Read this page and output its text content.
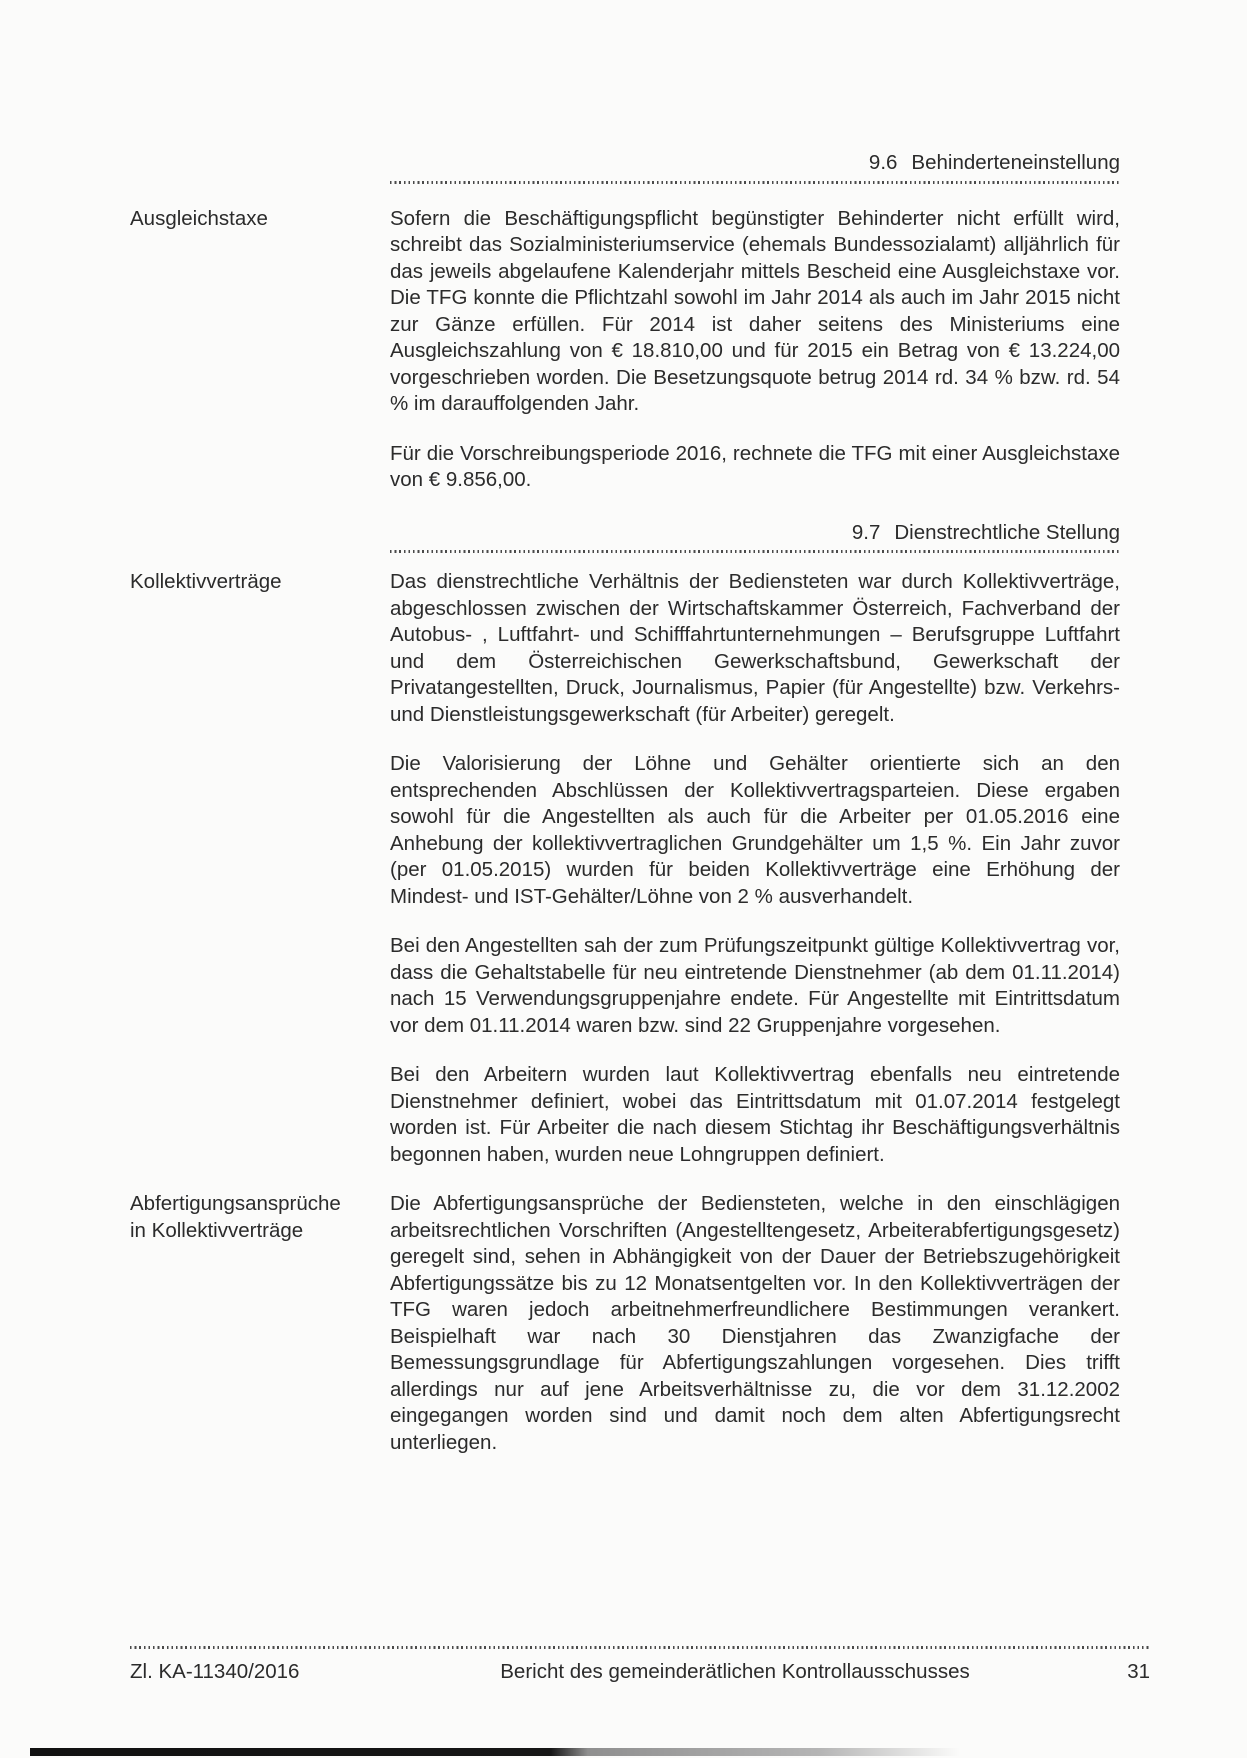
9.6 Behinderteneinstellung
Ausgleichstaxe	Sofern die Beschäftigungspflicht begünstigter Behinderter nicht erfüllt wird, schreibt das Sozialministeriumservice (ehemals Bundessozialamt) alljährlich für das jeweils abgelaufene Kalenderjahr mittels Bescheid eine Ausgleichstaxe vor. Die TFG konnte die Pflichtzahl sowohl im Jahr 2014 als auch im Jahr 2015 nicht zur Gänze erfüllen. Für 2014 ist daher seitens des Ministeriums eine Ausgleichszahlung von € 18.810,00 und für 2015 ein Betrag von € 13.224,00 vorgeschrieben worden. Die Besetzungsquote betrug 2014 rd. 34 % bzw. rd. 54 % im darauffolgenden Jahr.

Für die Vorschreibungsperiode 2016, rechnete die TFG mit einer Ausgleichstaxe von € 9.856,00.

9.7 Dienstrechtliche Stellung
Kollektivverträge	Das dienstrechtliche Verhältnis der Bediensteten war durch Kollektivverträge, abgeschlossen zwischen der Wirtschaftskammer Österreich, Fachverband der Autobus- , Luftfahrt- und Schifffahrtunternehmungen – Berufsgruppe Luftfahrt und dem Österreichischen Gewerkschaftsbund, Gewerkschaft der Privatangestellten, Druck, Journalismus, Papier (für Angestellte) bzw. Verkehrs- und Dienstleistungsgewerkschaft (für Arbeiter) geregelt.

Die Valorisierung der Löhne und Gehälter orientierte sich an den entsprechenden Abschlüssen der Kollektivvertragsparteien. Diese ergaben sowohl für die Angestellten als auch für die Arbeiter per 01.05.2016 eine Anhebung der kollektivvertraglichen Grundgehälter um 1,5 %. Ein Jahr zuvor (per 01.05.2015) wurden für beiden Kollektivverträge eine Erhöhung der Mindest- und IST-Gehälter/Löhne von 2 % ausverhandelt.

Bei den Angestellten sah der zum Prüfungszeitpunkt gültige Kollektivvertrag vor, dass die Gehaltstabelle für neu eintretende Dienstnehmer (ab dem 01.11.2014) nach 15 Verwendungsgruppenjahre endete. Für Angestellte mit Eintrittsdatum vor dem 01.11.2014 waren bzw. sind 22 Gruppenjahre vorgesehen.

Bei den Arbeitern wurden laut Kollektivvertrag ebenfalls neu eintretende Dienstnehmer definiert, wobei das Eintrittsdatum mit 01.07.2014 festgelegt worden ist. Für Arbeiter die nach diesem Stichtag ihr Beschäftigungsverhältnis begonnen haben, wurden neue Lohngruppen definiert.

Abfertigungsansprüche in Kollektivverträge

Die Abfertigungsansprüche der Bediensteten, welche in den einschlägigen arbeitsrechtlichen Vorschriften (Angestelltengesetz, Arbeiterabfertigungsgesetz) geregelt sind, sehen in Abhängigkeit von der Dauer der Betriebszugehörigkeit Abfertigungssätze bis zu 12 Monatsentgelten vor. In den Kollektivverträgen der TFG waren jedoch arbeitnehmerfreundlichere Bestimmungen verankert. Beispielhaft war nach 30 Dienstjahren das Zwanzigfache der Bemessungsgrundlage für Abfertigungszahlungen vorgesehen. Dies trifft allerdings nur auf jene Arbeitsverhältnisse zu, die vor dem 31.12.2002 eingegangen worden sind und damit noch dem alten Abfertigungsrecht unterliegen.

Zl. KA-11340/2016	Bericht des gemeinderätlichen Kontrollausschusses	31
